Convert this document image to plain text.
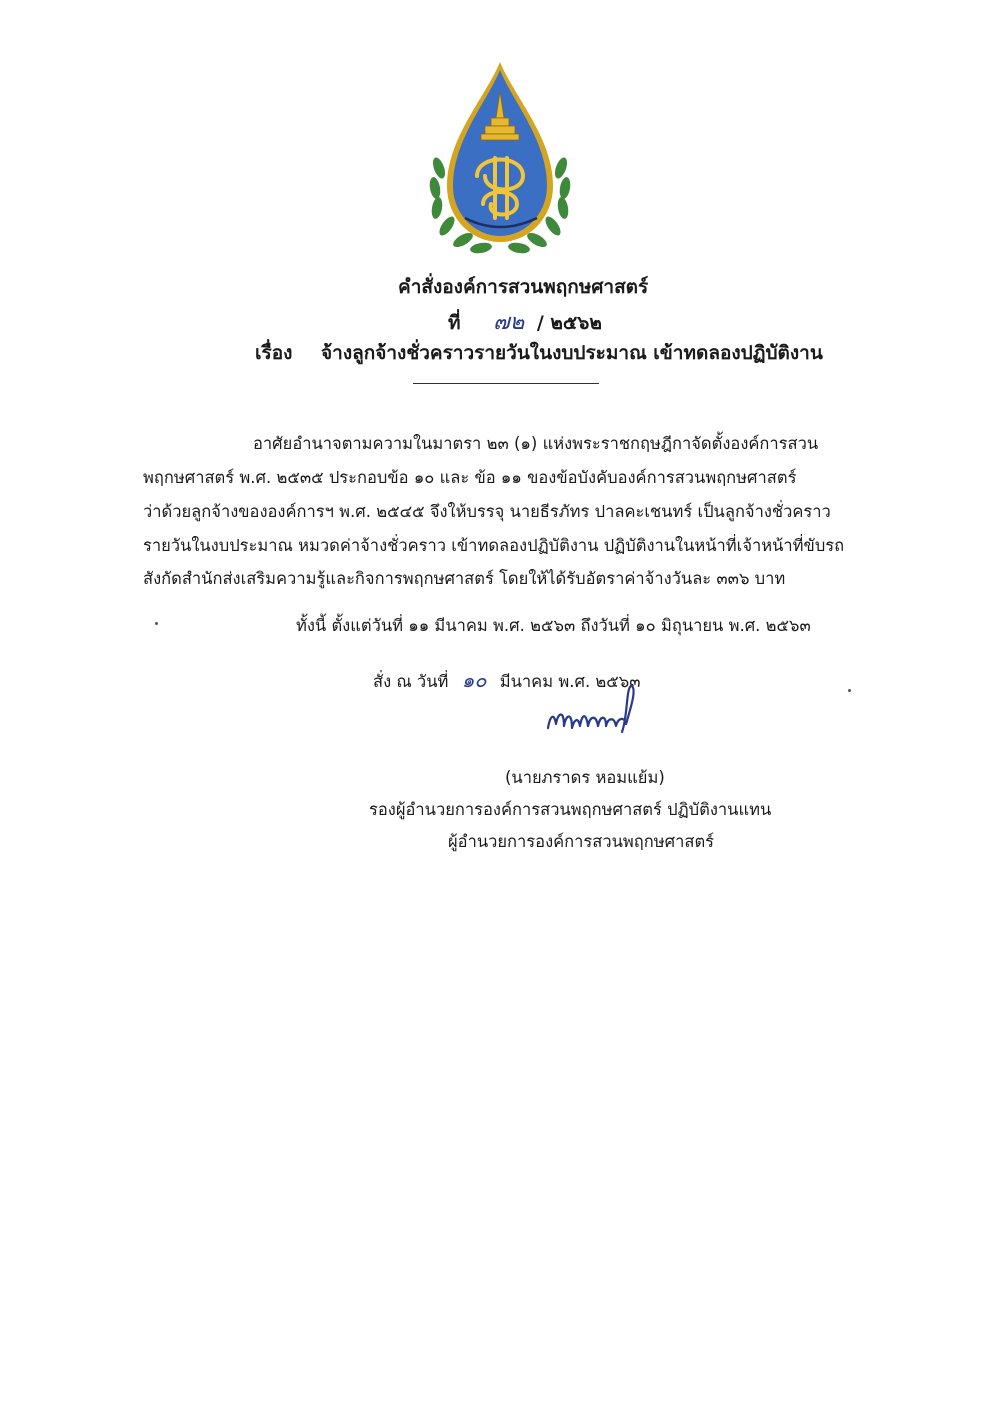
คำสั่งองค์การสวนพฤกษศาสตร์
ที่ ๗๒ / ๒๕๖๒
เรื่อง จ้างลูกจ้างชั่วคราวรายวันในงบประมาณ เข้าทดลองปฏิบัติงาน
อาศัยอำนาจตามความในมาตรา ๒๓ (๑) แห่งพระราชกฤษฎีกาจัดตั้งองค์การสวน
พฤกษศาสตร์ พ.ศ. ๒๕๓๕ ประกอบข้อ ๑๐ และ ข้อ ๑๑ ของข้อบังคับองค์การสวนพฤกษศาสตร์
ว่าด้วยลูกจ้างขององค์การฯ พ.ศ. ๒๕๔๕ จึงให้บรรจุ นายธีรภัทร ปาลคะเชนทร์ เป็นลูกจ้างชั่วคราว
รายวันในงบประมาณ หมวดค่าจ้างชั่วคราว เข้าทดลองปฏิบัติงาน ปฏิบัติงานในหน้าที่เจ้าหน้าที่ขับรถ
สังกัดสำนักส่งเสริมความรู้และกิจการพฤกษศาสตร์ โดยให้ได้รับอัตราค่าจ้างวันละ ๓๓๖ บาท
ทั้งนี้ ตั้งแต่วันที่ ๑๑ มีนาคม พ.ศ. ๒๕๖๓ ถึงวันที่ ๑๐ มิถุนายน พ.ศ. ๒๕๖๓
สั่ง ณ วันที่ ๑๐ มีนาคม พ.ศ. ๒๕๖๓
(นายภราดร หอมแย้ม)
รองผู้อำนวยการองค์การสวนพฤกษศาสตร์ ปฏิบัติงานแทน
ผู้อำนวยการองค์การสวนพฤกษศาสตร์
